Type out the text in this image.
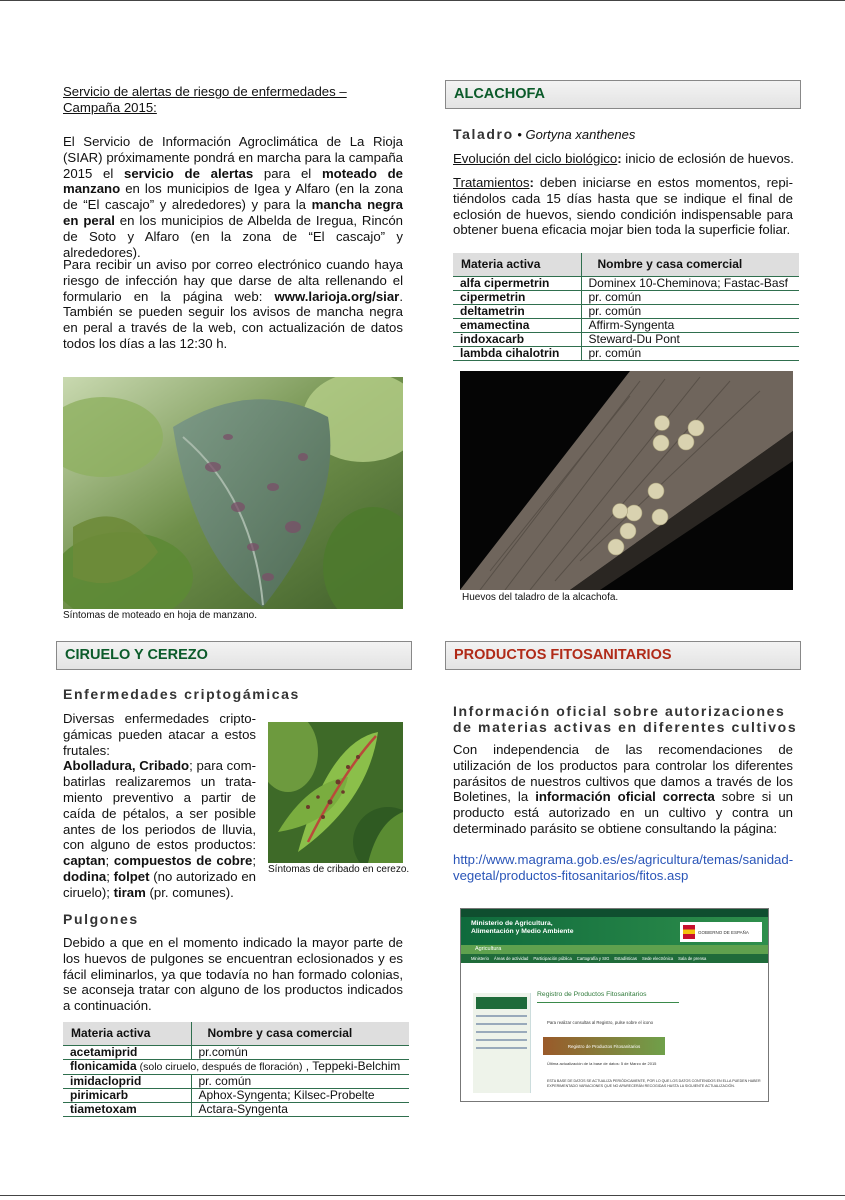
Servicio de alertas de riesgo de enfermedades – Campaña 2015:

El Servicio de Información Agroclimática de La Rioja (SIAR) próximamente pondrá en marcha para la campaña 2015 el servicio de alertas para el moteado de manzano en los municipios de Igea y Alfaro (en la zona de “El cascajo” y alrededores) y para la mancha negra en peral en los municipios de Albelda de Iregua, Rincón de Soto y Alfaro (en la zona de “El cascajo” y alrededores).

Para recibir un aviso por correo electrónico cuando haya riesgo de infección hay que darse de alta rellenando el formulario en la página web: www.larioja.org/siar. También se pueden seguir los avisos de mancha negra en peral a través de la web, con actualización de datos todos los días a las 12:30 h.

Síntomas de moteado en hoja de manzano.
CIRUELO Y CEREZO
Enfermedades criptogámicas

Diversas enfermedades criptogámicas pueden atacar a estos frutales:
Abolladura, Cribado; para combatirlas realizaremos un tratamiento preventivo a partir de caída de pétalos, a ser posible antes de los periodos de lluvia, con alguno de estos productos: captan; compuestos de cobre; dodina; folpet (no autorizado en ciruelo); tiram (pr. comunes).

Síntomas de cribado en cerezo.
Pulgones

Debido a que en el momento indicado la mayor parte de los huevos de pulgones se encuentran eclosionados y es fácil eliminarlos, ya que todavía no han formado colonias, se aconseja tratar con alguno de los productos indicados a continuación.

Materia activa	Nombre y casa comercial
acetamiprid	pr.común
flonicamida (solo ciruelo, después de floración) , Teppeki-Belchim	
imidacloprid	pr. común
pirimicarb	Aphox-Syngenta; Kilsec-Probelte
tiametoxam	Actara-Syngenta
ALCACHOFA
Taladro • Gortyna xanthenes

Evolución del ciclo biológico: inicio de eclosión de huevos.

Tratamientos: deben iniciarse en estos momentos, repitiéndolos cada 15 días hasta que se indique el final de eclosión de huevos, siendo condición indispensable para obtener buena eficacia mojar bien toda la superficie foliar.

Materia activa	Nombre y casa comercial
alfa cipermetrin	Dominex 10-Cheminova; Fastac-Basf
cipermetrin	pr. común
deltametrin	pr. común
emamectina	Affirm-Syngenta
indoxacarb	Steward-Du Pont
lambda cihalotrin	pr. común
Huevos del taladro de la alcachofa.
PRODUCTOS FITOSANITARIOS
Información oficial sobre autorizaciones de materias activas en diferentes cultivos

Con independencia de las recomendaciones de utilización de los productos para controlar los diferentes parásitos de nuestros cultivos que damos a través de los Boletines, la información oficial correcta sobre si un producto está autorizado en un cultivo y contra un determinado parásito se obtiene consultando la página:

http://www.magrama.gob.es/es/agricultura/temas/sanidad-vegetal/productos-fitosanitarios/fitos.asp
Ministerio de Agricultura, Alimentación y Medio Ambiente	GOBIERNO DE ESPAÑA
Agricultura
Ministerio Áreas de actividad Participación pública Cartografía y SIG Estadísticas Sede electrónica Sala de prensa
Registro de Productos Fitosanitarios
Para realizar consultas al Registro, pulse sobre el icono
Registro de Productos Fitosanitarios
Última actualización de la base de datos: 5 de Marzo de 2015
ESTA BASE DE DATOS SE ACTUALIZA PERIÓDICAMENTE, POR LO QUE LOS DATOS CONTENIDOS EN ELLA PUEDEN HABER EXPERIMENTADO VARIACIONES QUE NO APARECERÁN RECOGIDAS HASTA LA SIGUIENTE ACTUALIZACIÓN.
